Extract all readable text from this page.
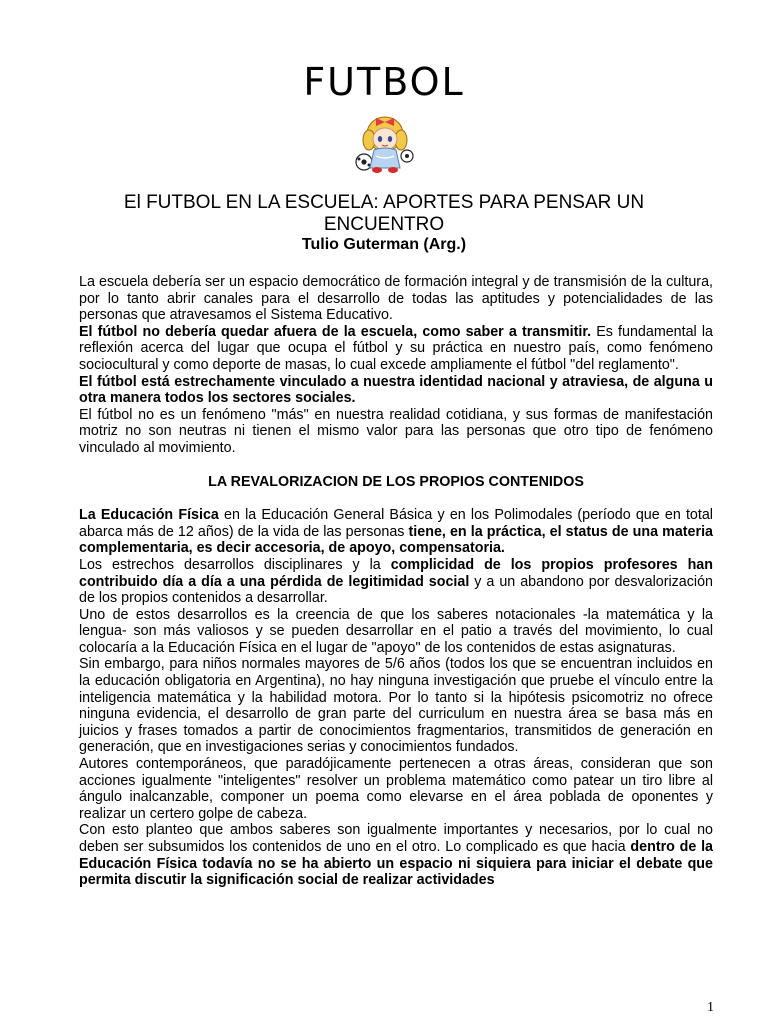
FUTBOL
El FUTBOL EN LA ESCUELA: APORTES PARA PENSAR UN ENCUENTRO
Tulio Guterman (Arg.)

La escuela debería ser un espacio democrático de formación integral y de transmisión de la cultura, por lo tanto abrir canales para el desarrollo de todas las aptitudes y potencialidades de las personas que atravesamos el Sistema Educativo.

El fútbol no debería quedar afuera de la escuela, como saber a transmitir. Es fundamental la reflexión acerca del lugar que ocupa el fútbol y su práctica en nuestro país, como fenómeno sociocultural y como deporte de masas, lo cual excede ampliamente el fútbol "del reglamento".

El fútbol está estrechamente vinculado a nuestra identidad nacional y atraviesa, de alguna u otra manera todos los sectores sociales.

El fútbol no es un fenómeno "más" en nuestra realidad cotidiana, y sus formas de manifestación motriz no son neutras ni tienen el mismo valor para las personas que otro tipo de fenómeno vinculado al movimiento.

LA REVALORIZACION DE LOS PROPIOS CONTENIDOS

La Educación Física en la Educación General Básica y en los Polimodales (período que en total abarca más de 12 años) de la vida de las personas tiene, en la práctica, el status de una materia complementaria, es decir accesoria, de apoyo, compensatoria.

Los estrechos desarrollos disciplinares y la complicidad de los propios profesores han contribuido día a día a una pérdida de legitimidad social y a un abandono por desvalorización de los propios contenidos a desarrollar.

Uno de estos desarrollos es la creencia de que los saberes notacionales -la matemática y la lengua- son más valiosos y se pueden desarrollar en el patio a través del movimiento, lo cual colocaría a la Educación Física en el lugar de "apoyo" de los contenidos de estas asignaturas.

Sin embargo, para niños normales mayores de 5/6 años (todos los que se encuentran incluidos en la educación obligatoria en Argentina), no hay ninguna investigación que pruebe el vínculo entre la inteligencia matemática y la habilidad motora. Por lo tanto si la hipótesis psicomotriz no ofrece ninguna evidencia, el desarrollo de gran parte del curriculum en nuestra área se basa más en juicios y frases tomados a partir de conocimientos fragmentarios, transmitidos de generación en generación, que en investigaciones serias y conocimientos fundados.

Autores contemporáneos, que paradójicamente pertenecen a otras áreas, consideran que son acciones igualmente "inteligentes" resolver un problema matemático como patear un tiro libre al ángulo inalcanzable, componer un poema como elevarse en el área poblada de oponentes y realizar un certero golpe de cabeza.

Con esto planteo que ambos saberes son igualmente importantes y necesarios, por lo cual no deben ser subsumidos los contenidos de uno en el otro. Lo complicado es que hacia dentro de la Educación Física todavía no se ha abierto un espacio ni siquiera para iniciar el debate que permita discutir la significación social de realizar actividades

1
